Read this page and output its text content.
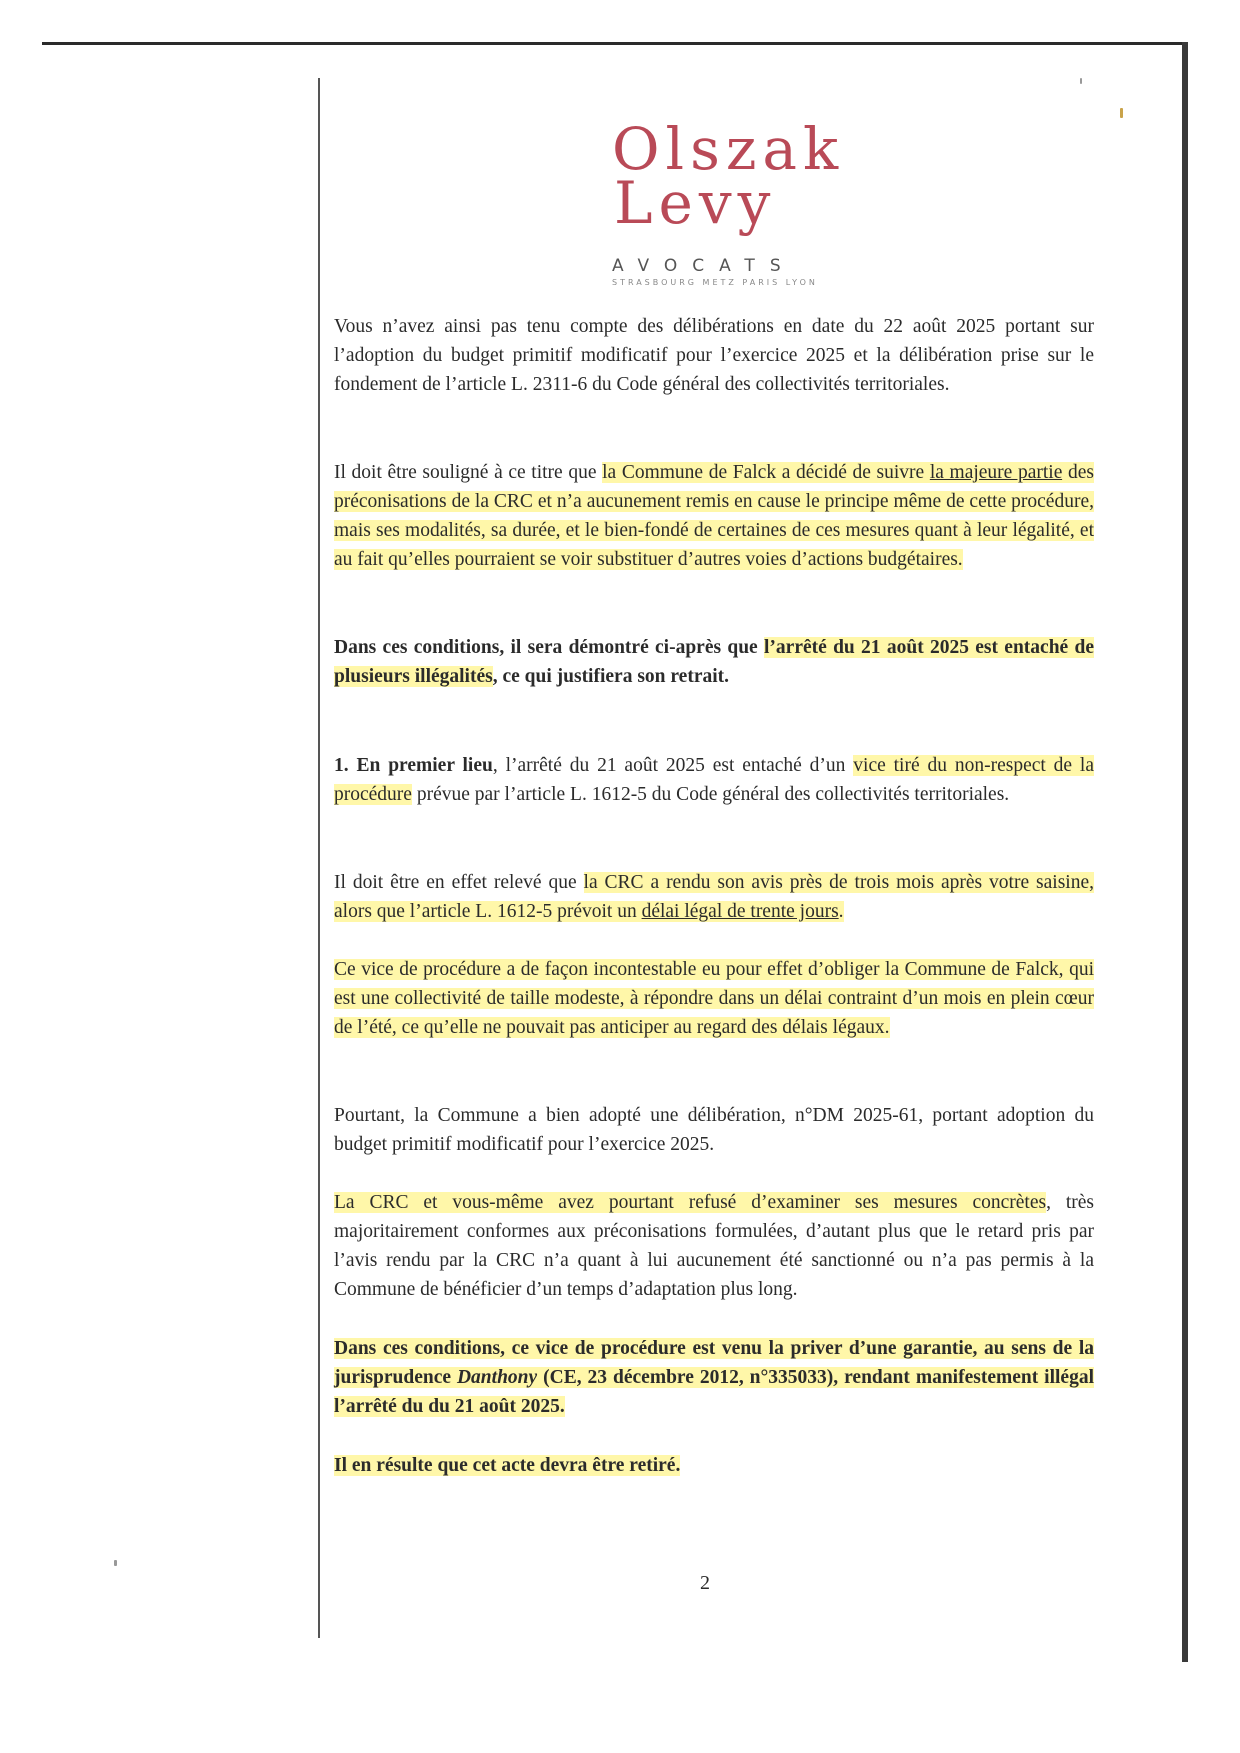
Olszak
Levy
AVOCATS
STRASBOURG METZ PARIS LYON
Vous n’avez ainsi pas tenu compte des délibérations en date du 22 août 2025 portant sur l’adoption du budget primitif modificatif pour l’exercice 2025 et la délibération prise sur le fondement de l’article L. 2311-6 du Code général des collectivités territoriales.
Il doit être souligné à ce titre que la Commune de Falck a décidé de suivre la majeure partie des préconisations de la CRC et n’a aucunement remis en cause le principe même de cette procédure, mais ses modalités, sa durée, et le bien-fondé de certaines de ces mesures quant à leur légalité, et au fait qu’elles pourraient se voir substituer d’autres voies d’actions budgétaires.
Dans ces conditions, il sera démontré ci-après que l’arrêté du 21 août 2025 est entaché de plusieurs illégalités, ce qui justifiera son retrait.
1. En premier lieu, l’arrêté du 21 août 2025 est entaché d’un vice tiré du non-respect de la procédure prévue par l’article L. 1612-5 du Code général des collectivités territoriales.
Il doit être en effet relevé que la CRC a rendu son avis près de trois mois après votre saisine, alors que l’article L. 1612-5 prévoit un délai légal de trente jours.
Ce vice de procédure a de façon incontestable eu pour effet d’obliger la Commune de Falck, qui est une collectivité de taille modeste, à répondre dans un délai contraint d’un mois en plein cœur de l’été, ce qu’elle ne pouvait pas anticiper au regard des délais légaux.
Pourtant, la Commune a bien adopté une délibération, n°DM 2025-61, portant adoption du budget primitif modificatif pour l’exercice 2025.
La CRC et vous-même avez pourtant refusé d’examiner ses mesures concrètes, très majoritairement conformes aux préconisations formulées, d’autant plus que le retard pris par l’avis rendu par la CRC n’a quant à lui aucunement été sanctionné ou n’a pas permis à la Commune de bénéficier d’un temps d’adaptation plus long.
Dans ces conditions, ce vice de procédure est venu la priver d’une garantie, au sens de la jurisprudence Danthony (CE, 23 décembre 2012, n°335033), rendant manifestement illégal l’arrêté du du 21 août 2025.
Il en résulte que cet acte devra être retiré.
2
